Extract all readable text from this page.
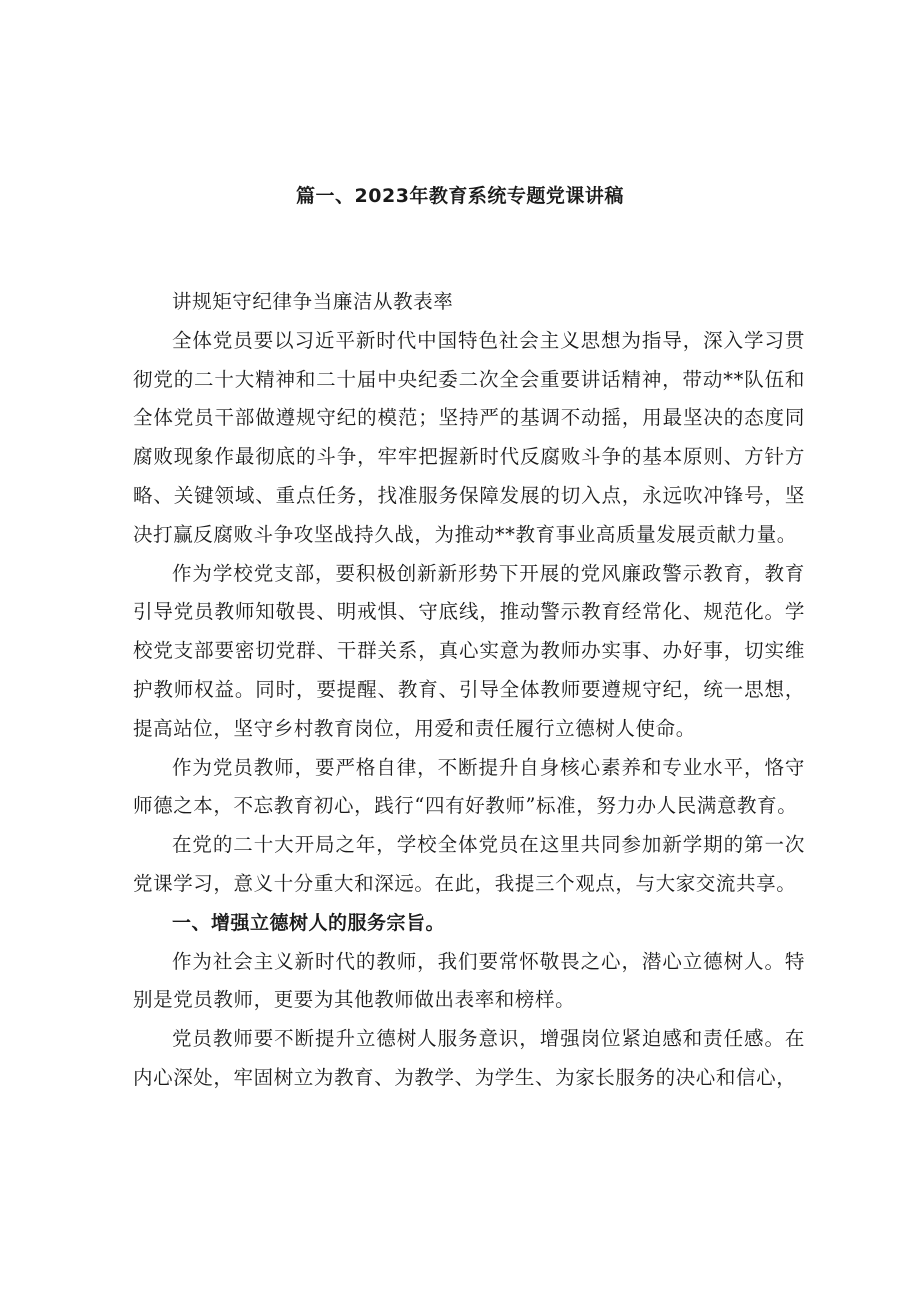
篇一、2023年教育系统专题党课讲稿

讲规矩守纪律争当廉洁从教表率

全体党员要以习近平新时代中国特色社会主义思想为指导，深入学习贯彻党的二十大精神和二十届中央纪委二次全会重要讲话精神，带动**队伍和全体党员干部做遵规守纪的模范；坚持严的基调不动摇，用最坚决的态度同腐败现象作最彻底的斗争，牢牢把握新时代反腐败斗争的基本原则、方针方略、关键领域、重点任务，找准服务保障发展的切入点，永远吹冲锋号，坚决打赢反腐败斗争攻坚战持久战，为推动**教育事业高质量发展贡献力量。

作为学校党支部，要积极创新新形势下开展的党风廉政警示教育，教育引导党员教师知敬畏、明戒惧、守底线，推动警示教育经常化、规范化。学校党支部要密切党群、干群关系，真心实意为教师办实事、办好事，切实维护教师权益。同时，要提醒、教育、引导全体教师要遵规守纪，统一思想，提高站位，坚守乡村教育岗位，用爱和责任履行立德树人使命。

作为党员教师，要严格自律，不断提升自身核心素养和专业水平，恪守师德之本，不忘教育初心，践行“四有好教师”标准，努力办人民满意教育。

在党的二十大开局之年，学校全体党员在这里共同参加新学期的第一次党课学习，意义十分重大和深远。在此，我提三个观点，与大家交流共享。

一、增强立德树人的服务宗旨。

作为社会主义新时代的教师，我们要常怀敬畏之心，潜心立德树人。特别是党员教师，更要为其他教师做出表率和榜样。

党员教师要不断提升立德树人服务意识，增强岗位紧迫感和责任感。在内心深处，牢固树立为教育、为教学、为学生、为家长服务的决心和信心，
